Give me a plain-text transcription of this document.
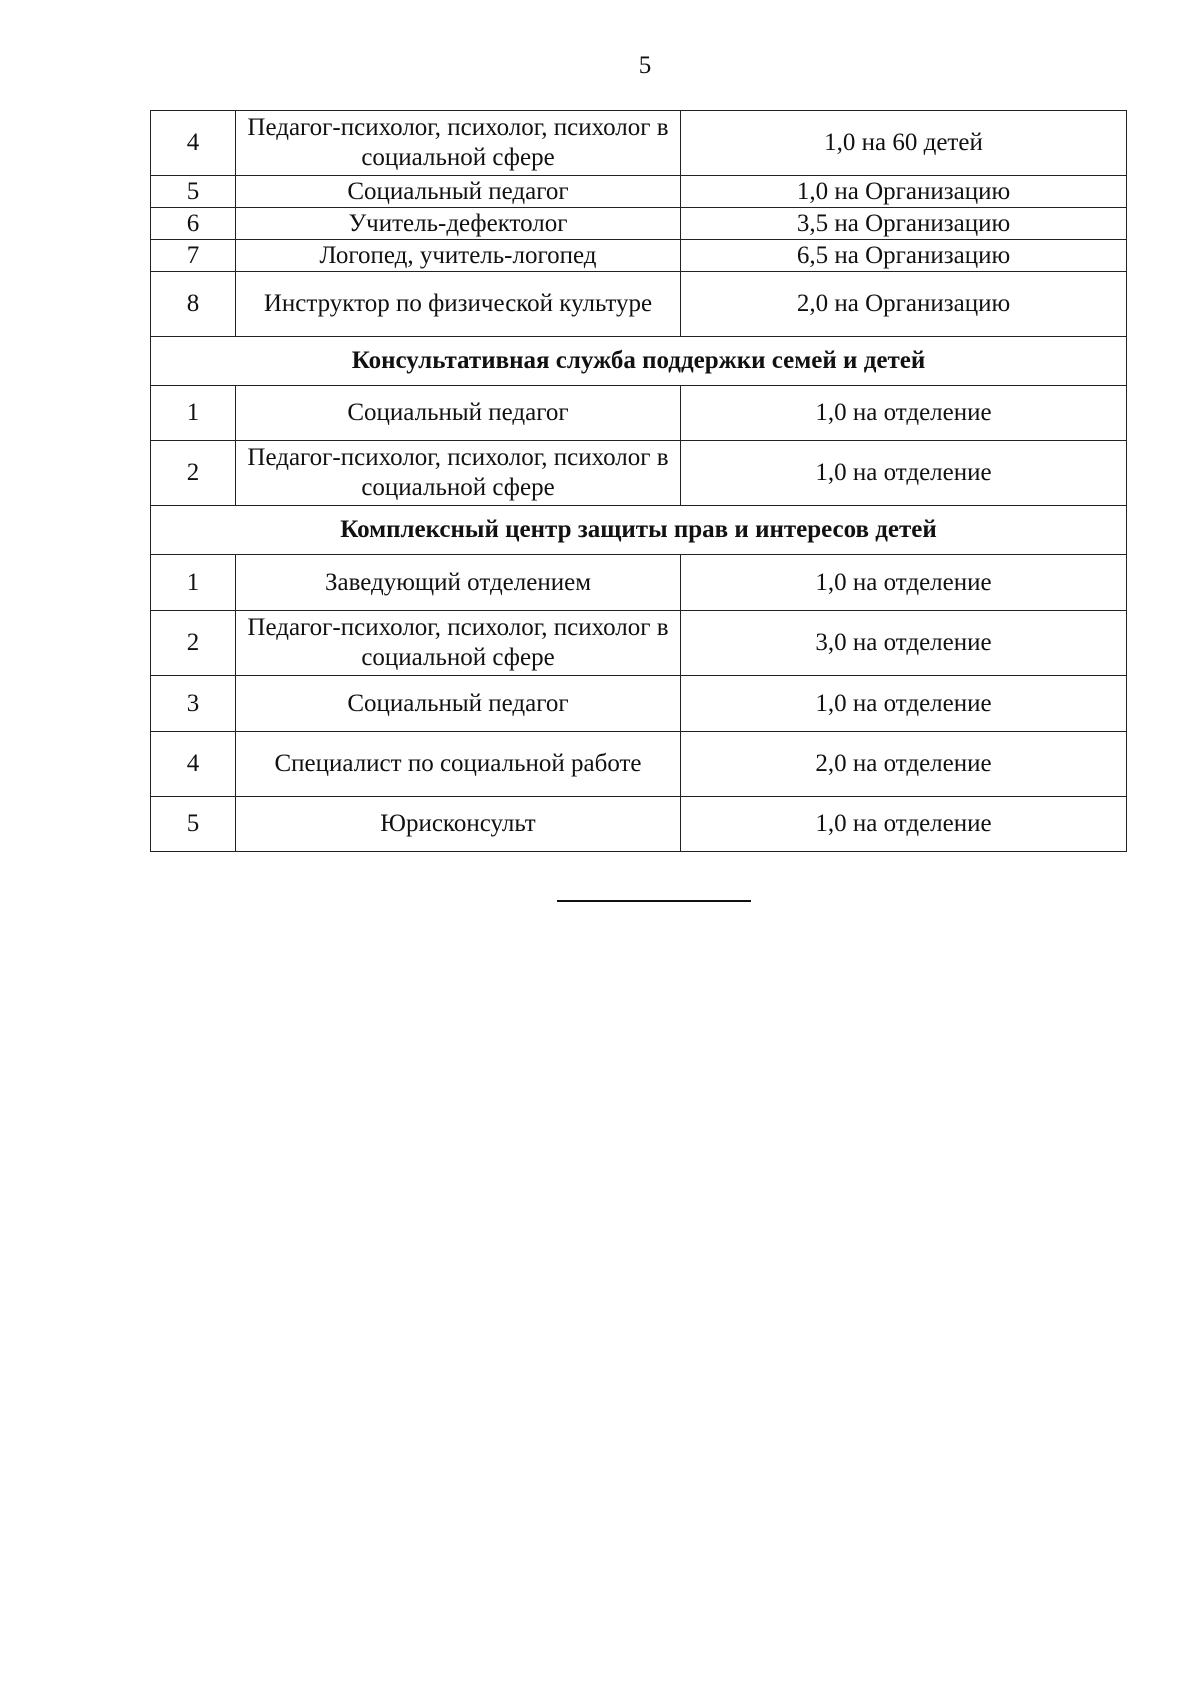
5
4	Педагог-психолог, психолог, психолог в социальной сфере	1,0 на 60 детей
5	Социальный педагог	1,0 на Организацию
6	Учитель-дефектолог	3,5 на Организацию
7	Логопед, учитель-логопед	6,5 на Организацию
8	Инструктор по физической культуре	2,0 на Организацию
Консультативная служба поддержки семей и детей		
1	Социальный педагог	1,0 на отделение
2	Педагог-психолог, психолог, психолог в социальной сфере	1,0 на отделение
Комплексный центр защиты прав и интересов детей		
1	Заведующий отделением	1,0 на отделение
2	Педагог-психолог, психолог, психолог в социальной сфере	3,0 на отделение
3	Социальный педагог	1,0 на отделение
4	Специалист по социальной работе	2,0 на отделение
5	Юрисконсульт	1,0 на отделение
